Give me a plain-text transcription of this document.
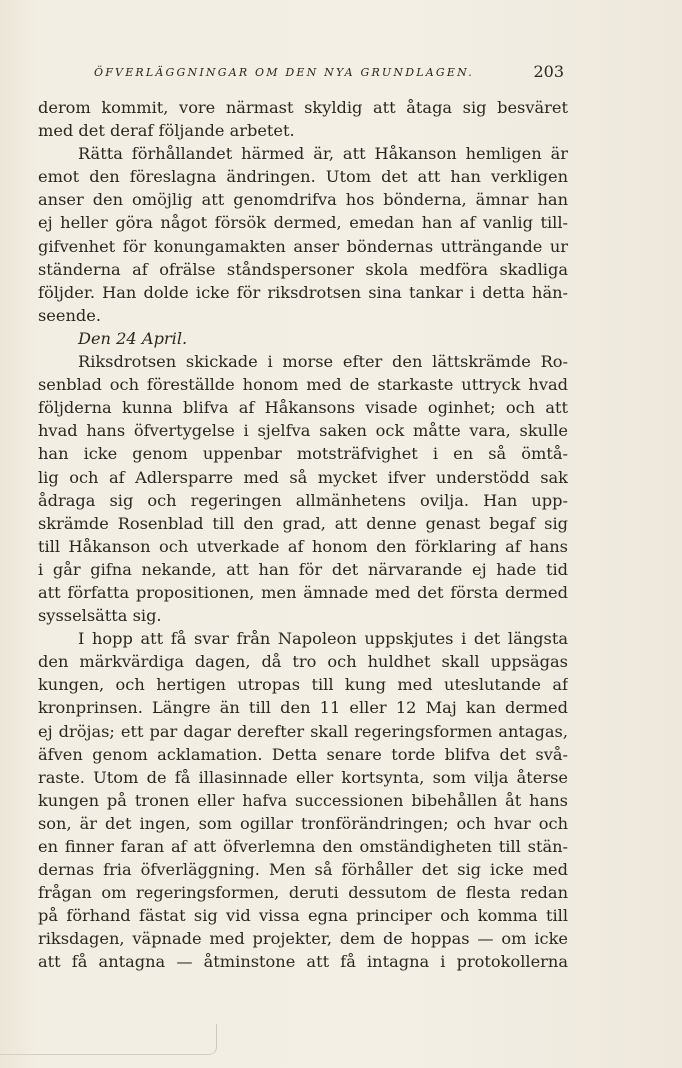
ÖFVERLÄGGNINGAR OM DEN NYA GRUNDLAGEN.	203
derom kommit, vore närmast skyldig att åtaga sig besväret
med det deraf följande arbetet.
Rätta förhållandet härmed är, att Håkanson hemligen är
emot den föreslagna ändringen. Utom det att han verkligen
anser den omöjlig att genomdrifva hos bönderna, ämnar han
ej heller göra något försök dermed, emedan han af vanlig till-
gifvenhet för konungamakten anser böndernas utträngande ur
ständerna af ofrälse ståndspersoner skola medföra skadliga
följder. Han dolde icke för riksdrotsen sina tankar i detta hän-
seende.
Den 24 April.
Riksdrotsen skickade i morse efter den lättskrämde Ro-
senblad och föreställde honom med de starkaste uttryck hvad
följderna kunna blifva af Håkansons visade oginhet; och att
hvad hans öfvertygelse i sjelfva saken ock måtte vara, skulle
han icke genom uppenbar motsträfvighet i en så ömtå-
lig och af Adlersparre med så mycket ifver understödd sak
ådraga sig och regeringen allmänhetens ovilja. Han upp-
skrämde Rosenblad till den grad, att denne genast begaf sig
till Håkanson och utverkade af honom den förklaring af hans
i går gifna nekande, att han för det närvarande ej hade tid
att författa propositionen, men ämnade med det första dermed
sysselsätta sig.
I hopp att få svar från Napoleon uppskjutes i det längsta
den märkvärdiga dagen, då tro och huldhet skall uppsägas
kungen, och hertigen utropas till kung med uteslutande af
kronprinsen. Längre än till den 11 eller 12 Maj kan dermed
ej dröjas; ett par dagar derefter skall regeringsformen antagas,
äfven genom acklamation. Detta senare torde blifva det svå-
raste. Utom de få illasinnade eller kortsynta, som vilja återse
kungen på tronen eller hafva successionen bibehållen åt hans
son, är det ingen, som ogillar tronförändringen; och hvar och
en finner faran af att öfverlemna den omständigheten till stän-
dernas fria öfverläggning. Men så förhåller det sig icke med
frågan om regeringsformen, deruti dessutom de flesta redan
på förhand fästat sig vid vissa egna principer och komma till
riksdagen, väpnade med projekter, dem de hoppas — om icke
att få antagna — åtminstone att få intagna i protokollerna
